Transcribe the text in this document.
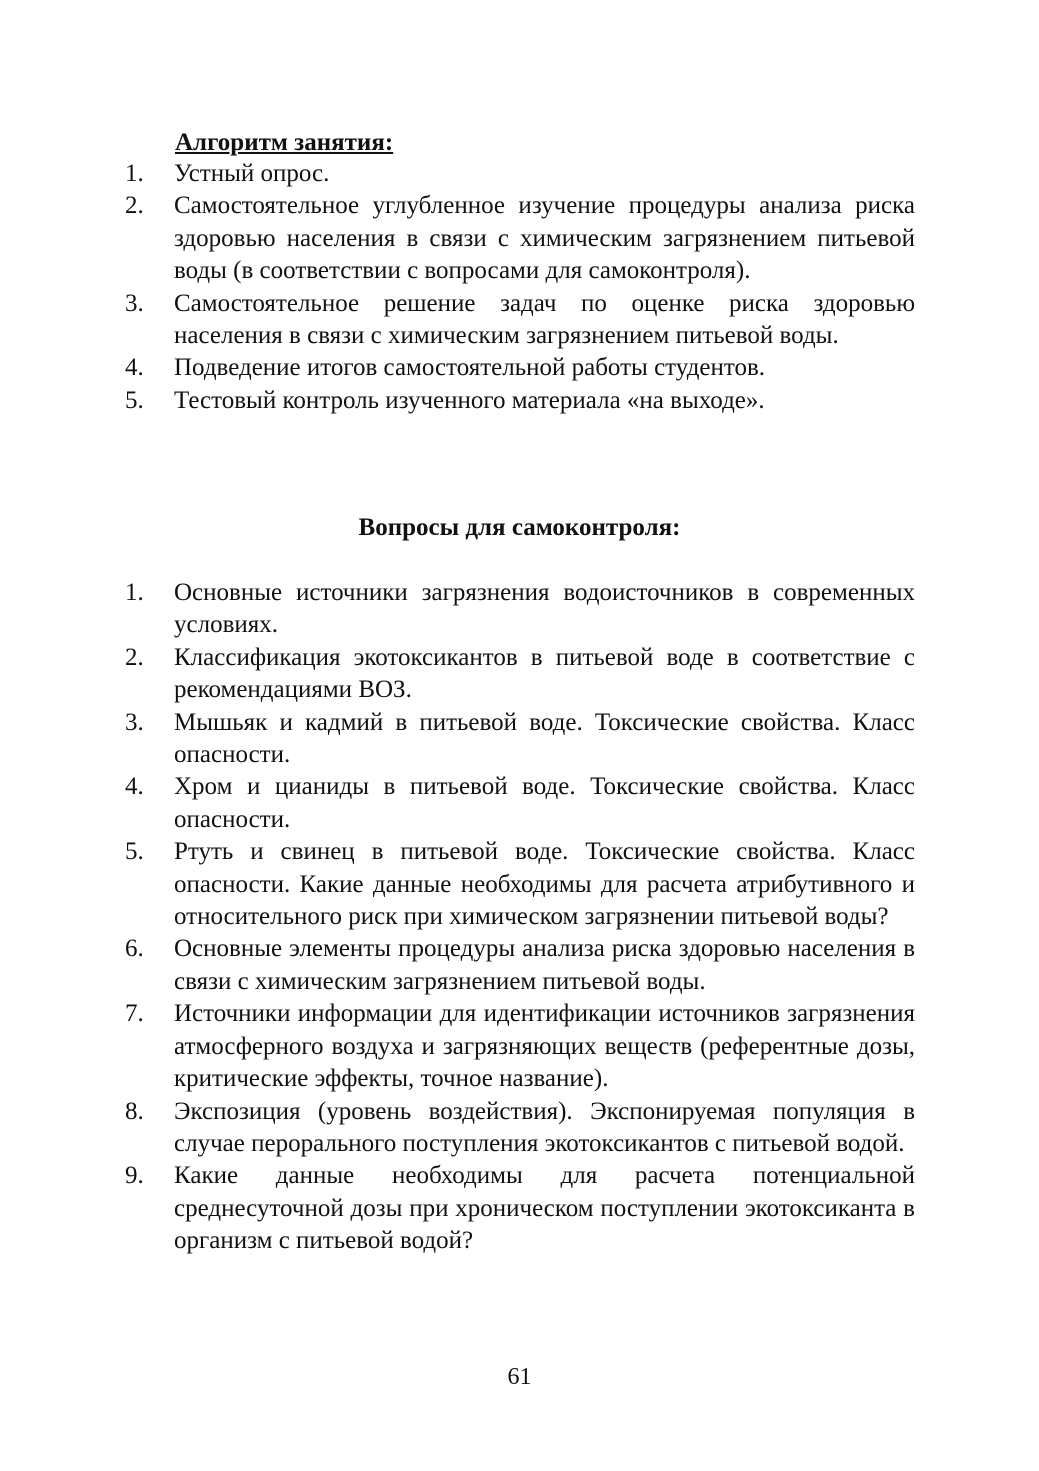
Алгоритм занятия:

1. Устный опрос.
2. Самостоятельное углубленное изучение процедуры анализа риска здоровью населения в связи с химическим загрязнением питьевой воды (в соответствии с вопросами для самоконтроля).
3. Самостоятельное решение задач по оценке риска здоровью населения в связи с химическим загрязнением питьевой воды.
4. Подведение итогов самостоятельной работы студентов.
5. Тестовый контроль изученного материала «на выходе».

Вопросы для самоконтроля:

1. Основные источники загрязнения водоисточников в современных условиях.
2. Классификация экотоксикантов в питьевой воде в соответствие с рекомендациями ВОЗ.
3. Мышьяк и кадмий в питьевой воде. Токсические свойства. Класс опасности.
4. Хром и цианиды в питьевой воде. Токсические свойства. Класс опасности.
5. Ртуть и свинец в питьевой воде. Токсические свойства. Класс опасности. Какие данные необходимы для расчета атрибутивного и относительного риск при химическом загрязнении питьевой воды?
6. Основные элементы процедуры анализа риска здоровью населения в связи с химическим загрязнением питьевой воды.
7. Источники информации для идентификации источников загрязнения атмосферного воздуха и загрязняющих веществ (референтные дозы, критические эффекты, точное название).
8. Экспозиция (уровень воздействия). Экспонируемая популяция в случае перорального поступления экотоксикантов с питьевой водой.
9. Какие данные необходимы для расчета потенциальной среднесуточной дозы при хроническом поступлении экотоксиканта в организм с питьевой водой?
61
